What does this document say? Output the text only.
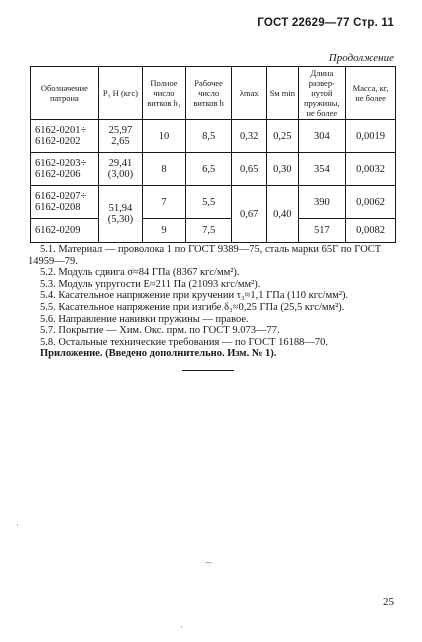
ГОСТ 22629—77 Стр. 11
Продолжение
Обозначение патрона	P₃ H (кгс)	Полное число витков h₁	Рабочее число витков h	λmax	Sм min	Длина развернутой пружины, не более	Масса, кг, не более
6162-0201÷ 6162-0202	25,97 2,65	10	8,5	0,32	0,25	304	0,0019
6162-0203÷ 6162-0206	29,41 (3,00)	8	6,5	0,65	0,30	354	0,0032
6162-0207÷ 6162-0208	51,94 (5,30)	7	5,5	0,67	0,40	390	0,0062
6162-0209		9	7,5			517	0,0082

5.1. Материал — проволока 1 по ГОСТ 9389—75, сталь марки 65Г по ГОСТ 14959—79.

5.2. Модуль сдвига σ≈84 ГПа (8367 кгс/мм²).

5.3. Модуль упругости E≈211 Па (21093 кгс/мм²).

5.4. Касательное напряжение при кручении τ₃≈1,1 ГПа (110 кгс/мм²).

5.5. Касательное напряжение при изгибе δ₃≈0,25 ГПа (25,5 кгс/мм²).

5.6. Направление навивки пружины — правое.

5.7. Покрытие — Хим. Окс. прм. по ГОСТ 9.073—77.

5.8. Остальные технические требования — по ГОСТ 16188—70.

Приложение. (Введено дополнительно. Изм. № 1).

·
⌒
·
25
